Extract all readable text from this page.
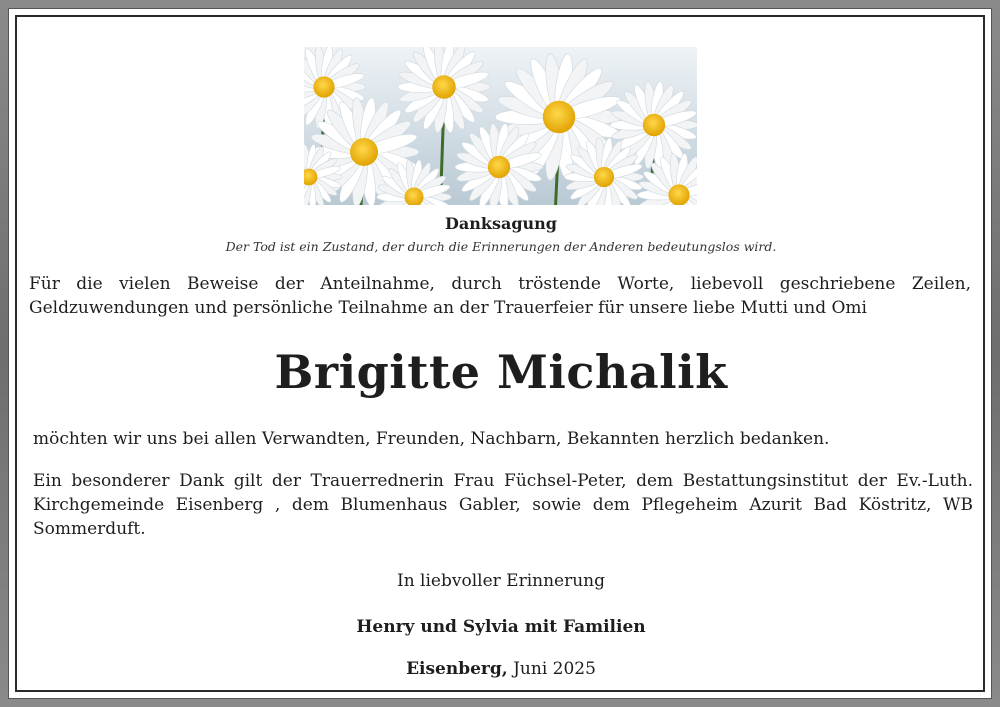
Danksagung
Der Tod ist ein Zustand, der durch die Erinnerungen der Anderen bedeutungslos wird.
Für die vielen Beweise der Anteilnahme, durch tröstende Worte, liebevoll geschriebene Zeilen, Geldzuwendungen und persönliche Teilnahme an der Trauerfeier für unsere liebe Mutti und Omi
Brigitte Michalik
möchten wir uns bei allen Verwandten, Freunden, Nachbarn, Bekannten herzlich bedanken.
Ein besonderer Dank gilt der Trauerrednerin Frau Füchsel-Peter, dem Bestattungsinstitut der Ev.-Luth. Kirchgemeinde Eisenberg , dem Blumenhaus Gabler, sowie dem Pflegeheim Azurit Bad Köstritz, WB Sommerduft.
In liebvoller Erinnerung
Henry und Sylvia mit Familien
Eisenberg, Juni 2025
